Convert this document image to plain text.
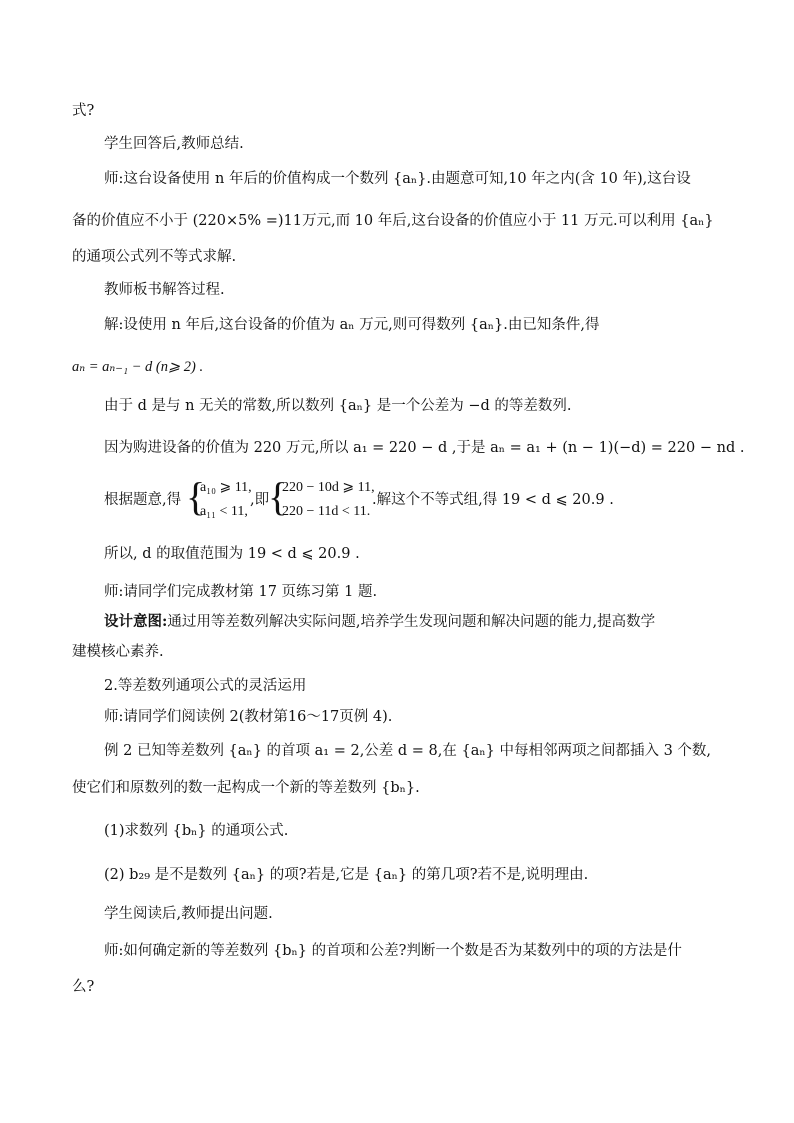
式?
学生回答后,教师总结.
师:这台设备使用 n 年后的价值构成一个数列 {aₙ}.由题意可知,10 年之内(含 10 年),这台设
备的价值应不小于 (220×5% =)11万元,而 10 年后,这台设备的价值应小于 11 万元.可以利用 {aₙ}
的通项公式列不等式求解.
教师板书解答过程.
解:设使用 n 年后,这台设备的价值为 aₙ 万元,则可得数列 {aₙ}.由已知条件,得
aₙ = aₙ₋₁ − d (n⩾ 2) .
由于 d 是与 n 无关的常数,所以数列 {aₙ} 是一个公差为 −d 的等差数列.
因为购进设备的价值为 220 万元,所以 a₁ = 220 − d ,于是 aₙ = a₁ + (n − 1)(−d) = 220 − nd .
根据题意,得 {
a₁₀ ⩾ 11,
a₁₁ < 11,
,即
{
220 − 10d ⩾ 11,
220 − 11d < 11.
.解这个不等式组,得 19 < d ⩽ 20.9 .
所以, d 的取值范围为 19 < d ⩽ 20.9 .
师:请同学们完成教材第 17 页练习第 1 题.
设计意图:通过用等差数列解决实际问题,培养学生发现问题和解决问题的能力,提高数学
建模核心素养.
2.等差数列通项公式的灵活运用
师:请同学们阅读例 2(教材第16～17页例 4).
例 2 已知等差数列 {aₙ} 的首项 a₁ = 2,公差 d = 8,在 {aₙ} 中每相邻两项之间都插入 3 个数,
使它们和原数列的数一起构成一个新的等差数列 {bₙ}.
(1)求数列 {bₙ} 的通项公式.
(2) b₂₉ 是不是数列 {aₙ} 的项?若是,它是 {aₙ} 的第几项?若不是,说明理由.
学生阅读后,教师提出问题.
师:如何确定新的等差数列 {bₙ} 的首项和公差?判断一个数是否为某数列中的项的方法是什
么?
